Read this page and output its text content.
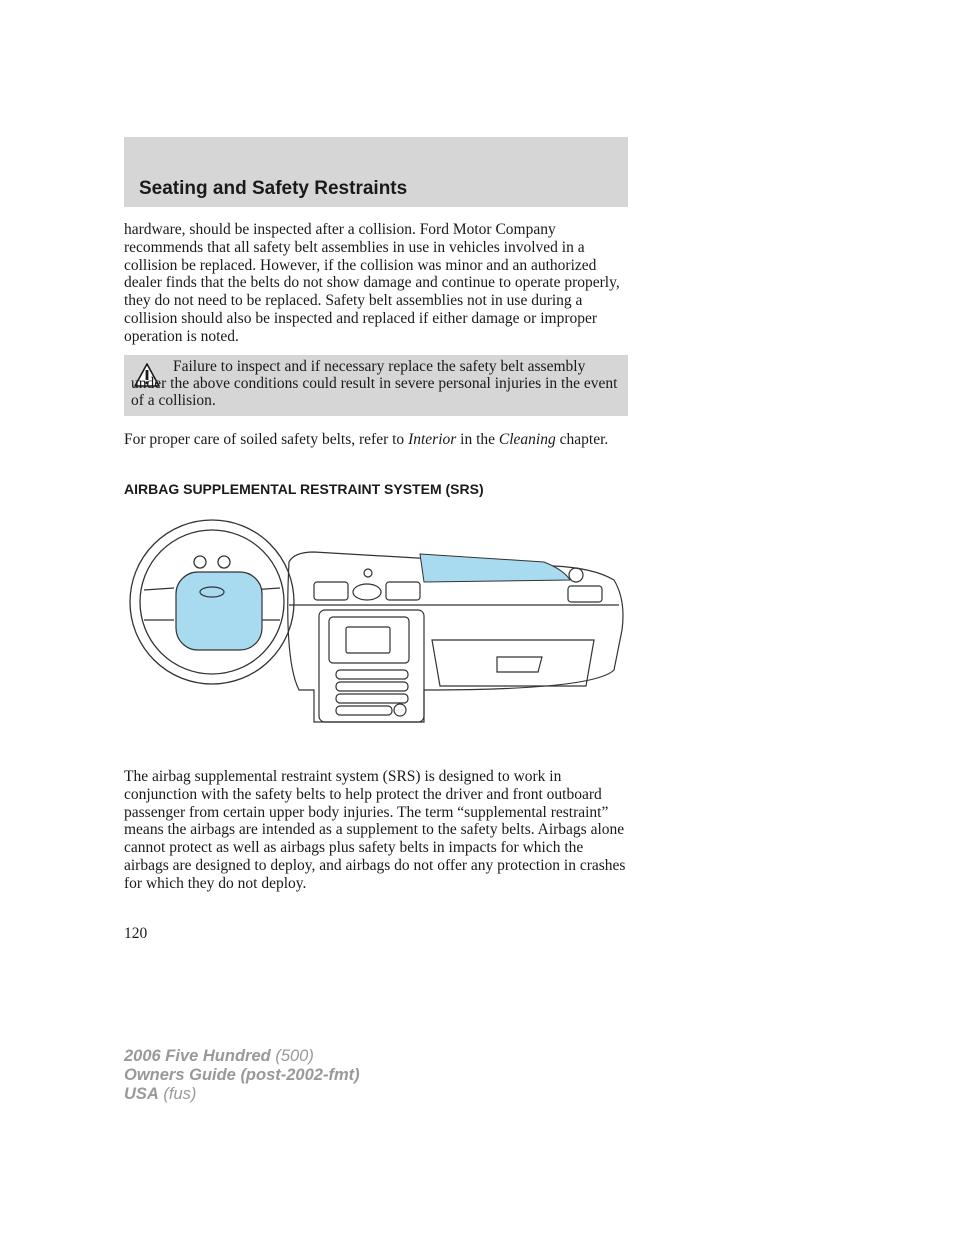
Seating and Safety Restraints
hardware, should be inspected after a collision. Ford Motor Company recommends that all safety belt assemblies in use in vehicles involved in a collision be replaced. However, if the collision was minor and an authorized dealer finds that the belts do not show damage and continue to operate properly, they do not need to be replaced. Safety belt assemblies not in use during a collision should also be inspected and replaced if either damage or improper operation is noted.
Failure to inspect and if necessary replace the safety belt assembly under the above conditions could result in severe personal injuries in the event of a collision.
For proper care of soiled safety belts, refer to Interior in the Cleaning chapter.
AIRBAG SUPPLEMENTAL RESTRAINT SYSTEM (SRS)
The airbag supplemental restraint system (SRS) is designed to work in conjunction with the safety belts to help protect the driver and front outboard passenger from certain upper body injuries. The term “supplemental restraint” means the airbags are intended as a supplement to the safety belts. Airbags alone cannot protect as well as airbags plus safety belts in impacts for which the airbags are designed to deploy, and airbags do not offer any protection in crashes for which they do not deploy.
120
2006 Five Hundred (500)
Owners Guide (post-2002-fmt)
USA (fus)
